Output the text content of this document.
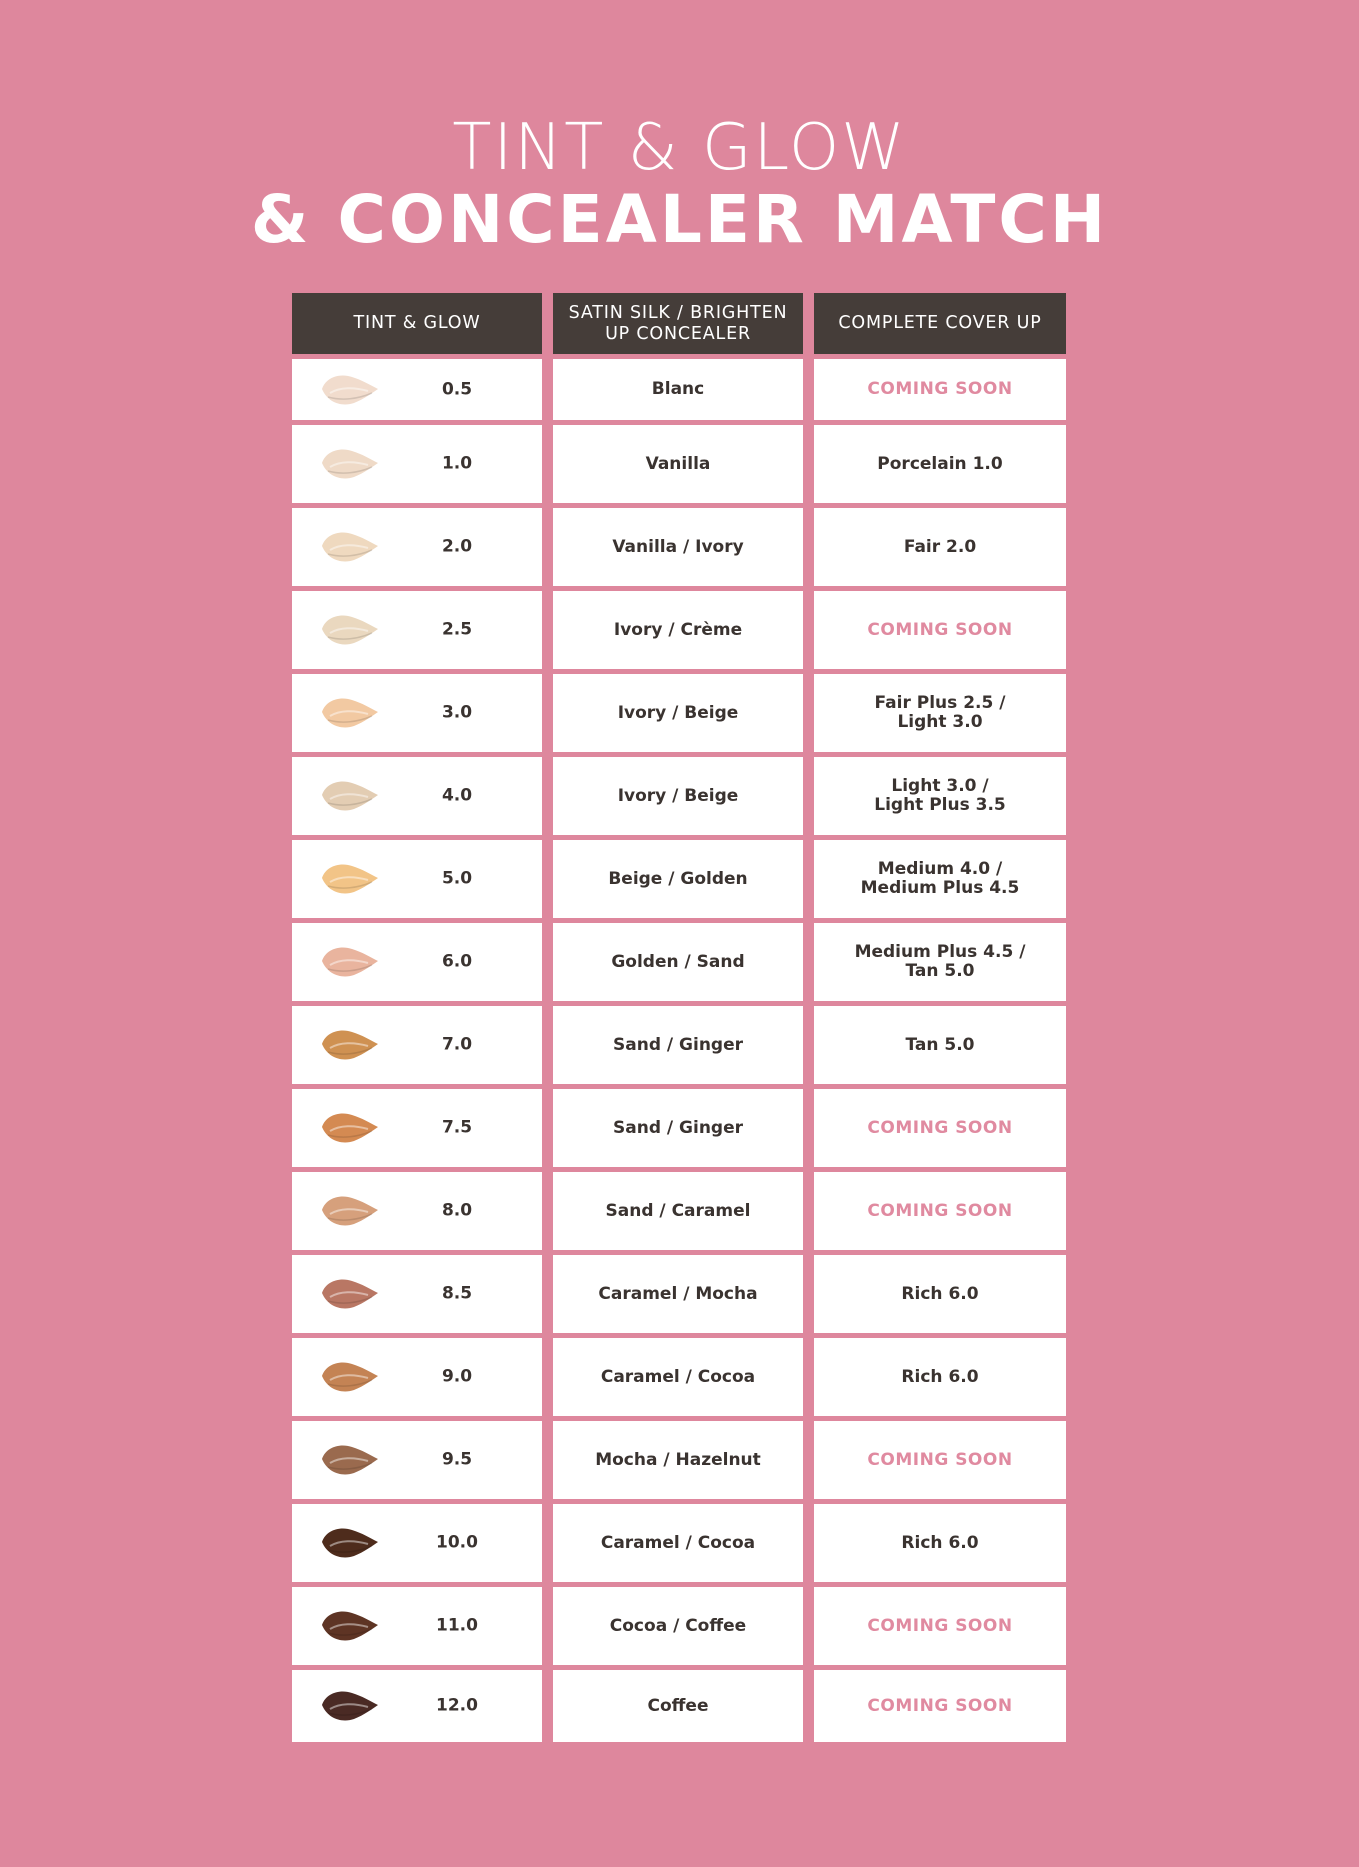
TINT & GLOW
& CONCEALER MATCH
TINT & GLOW
SATIN SILK / BRIGHTEN
UP CONCEALER
COMPLETE COVER UP
0.5	Blanc	COMING SOON
1.0	Vanilla	Porcelain 1.0
2.0	Vanilla / Ivory	Fair 2.0
2.5	Ivory / Crème	COMING SOON
3.0	Ivory / Beige	Fair Plus 2.5 /
Light 3.0
4.0	Ivory / Beige	Light 3.0 /
Light Plus 3.5
5.0	Beige / Golden	Medium 4.0 /
Medium Plus 4.5
6.0	Golden / Sand	Medium Plus 4.5 /
Tan 5.0
7.0	Sand / Ginger	Tan 5.0
7.5	Sand / Ginger	COMING SOON
8.0	Sand / Caramel	COMING SOON
8.5	Caramel / Mocha	Rich 6.0
9.0	Caramel / Cocoa	Rich 6.0
9.5	Mocha / Hazelnut	COMING SOON
10.0	Caramel / Cocoa	Rich 6.0
11.0	Cocoa / Coffee	COMING SOON
12.0	Coffee	COMING SOON
